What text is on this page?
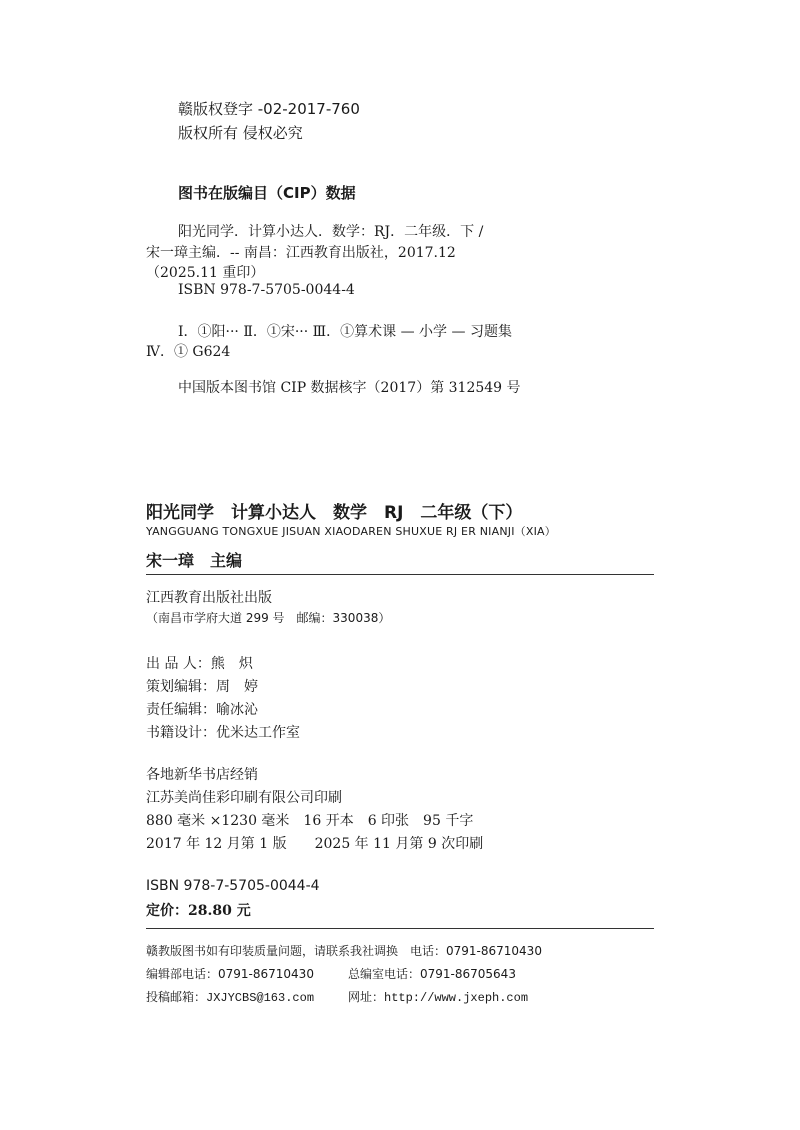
赣版权登字 -02-2017-760
版权所有 侵权必究
图书在版编目（CIP）数据
阳光同学．计算小达人．数学：RJ．二年级．下 /
宋一璋主编．-- 南昌：江西教育出版社，2017.12
（2025.11 重印）
ISBN 978-7-5705-0044-4
Ⅰ．①阳··· Ⅱ．①宋··· Ⅲ．①算术课 — 小学 — 习题集
Ⅳ．① G624
中国版本图书馆 CIP 数据核字（2017）第 312549 号
阳光同学　计算小达人　数学　RJ　二年级（下）
YANGGUANG TONGXUE JISUAN XIAODAREN SHUXUE RJ ER NIANJI（XIA）
宋一璋　主编
江西教育出版社出版
（南昌市学府大道 299 号　邮编：330038）
出 品 人：熊　炽
策划编辑：周　婷
责任编辑：喻冰沁
书籍设计：优米达工作室
各地新华书店经销
江苏美尚佳彩印刷有限公司印刷
880 毫米 ×1230 毫米　16 开本　6 印张　95 千字
2017 年 12 月第 1 版　　2025 年 11 月第 9 次印刷
ISBN 978-7-5705-0044-4
定价：28.80 元
赣教版图书如有印装质量问题，请联系我社调换　电话：0791-86710430
编辑部电话：0791-86710430	总编室电话：0791-86705643
投稿邮箱：JXJYCBS@163.com	网址：http://www.jxeph.com
